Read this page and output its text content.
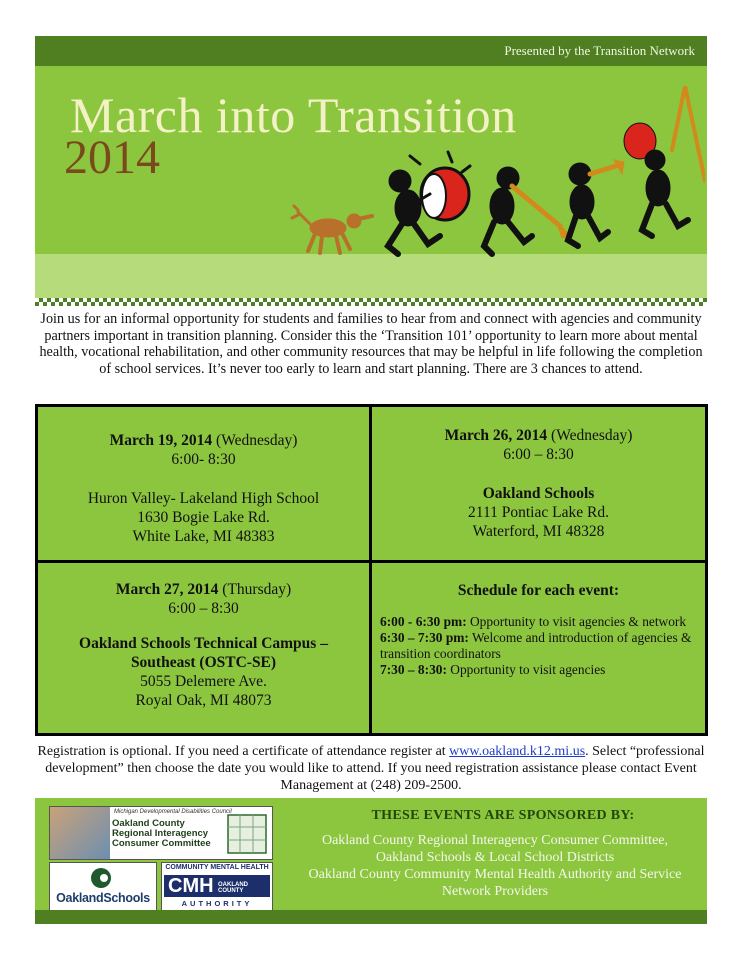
Presented by the Transition Network
March into Transition
2014
Join us for an informal opportunity for students and families to hear from and connect with agencies and community partners important in transition planning. Consider this the ‘Transition 101’ opportunity to learn more about mental health, vocational rehabilitation, and other community resources that may be helpful in life following the completion of school services. It’s never too early to learn and start planning. There are 3 chances to attend.
March 19, 2014 (Wednesday)
6:00- 8:30
Huron Valley- Lakeland High School
1630 Bogie Lake Rd.
White Lake, MI 48383
March 26, 2014 (Wednesday)
6:00 – 8:30
Oakland Schools
2111 Pontiac Lake Rd.
Waterford, MI 48328
March 27, 2014 (Thursday)
6:00 – 8:30
Oakland Schools Technical Campus – Southeast (OSTC-SE)
5055 Delemere Ave.
Royal Oak, MI 48073
Schedule for each event:

6:00 - 6:30 pm: Opportunity to visit agencies & network

6:30 – 7:30 pm: Welcome and introduction of agencies & transition coordinators

7:30 – 8:30: Opportunity to visit agencies

Registration is optional. If you need a certificate of attendance register at www.oakland.k12.mi.us. Select “professional development” then choose the date you would like to attend. If you need registration assistance please contact Event Management at (248) 209-2500.
Michigan Developmental Disabilities Council
Oakland County Regional Interagency Consumer Committee
OaklandSchools
COMMUNITY MENTAL HEALTH
CMH OAKLAND COUNTY
AUTHORITY
THESE EVENTS ARE SPONSORED BY:
Oakland County Regional Interagency Consumer Committee,
Oakland Schools & Local School Districts
Oakland County Community Mental Health Authority and Service Network Providers
